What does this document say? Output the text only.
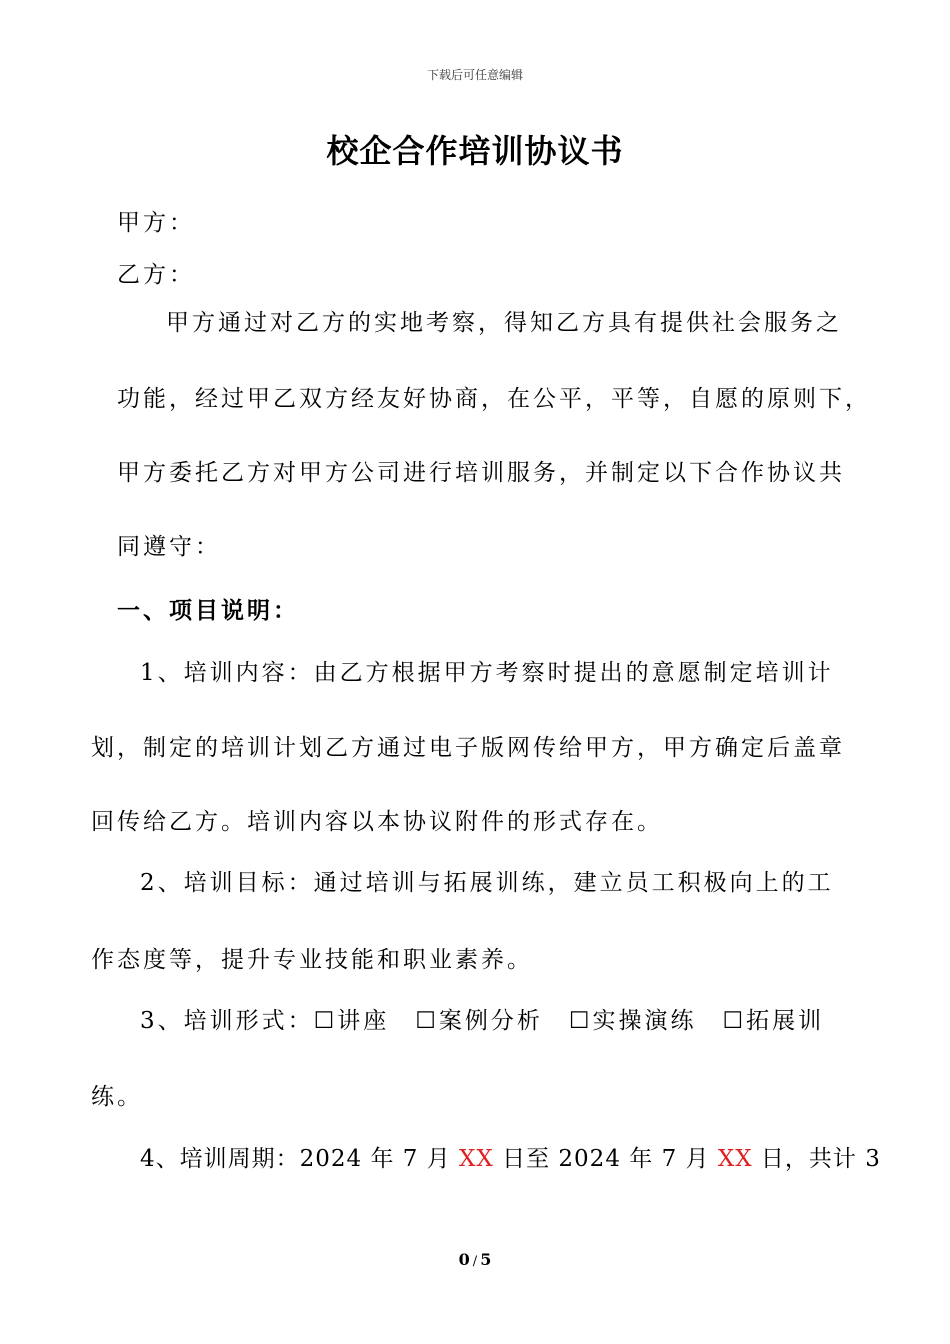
下载后可任意编辑
校企合作培训协议书
甲方：
乙方：
甲方通过对乙方的实地考察，得知乙方具有提供社会服务之
功能，经过甲乙双方经友好协商，在公平，平等，自愿的原则下，
甲方委托乙方对甲方公司进行培训服务，并制定以下合作协议共
同遵守：
一、项目说明：
1、培训内容：由乙方根据甲方考察时提出的意愿制定培训计
划，制定的培训计划乙方通过电子版网传给甲方，甲方确定后盖章
回传给乙方。培训内容以本协议附件的形式存在。
2、培训目标：通过培训与拓展训练，建立员工积极向上的工
作态度等，提升专业技能和职业素养。
3、培训形式：☐讲座 ☐案例分析 ☐实操演练 ☐拓展训
练。
4、培训周期：2024 年 7 月 XX 日至 2024 年 7 月 XX 日，共计 3
0 / 5
